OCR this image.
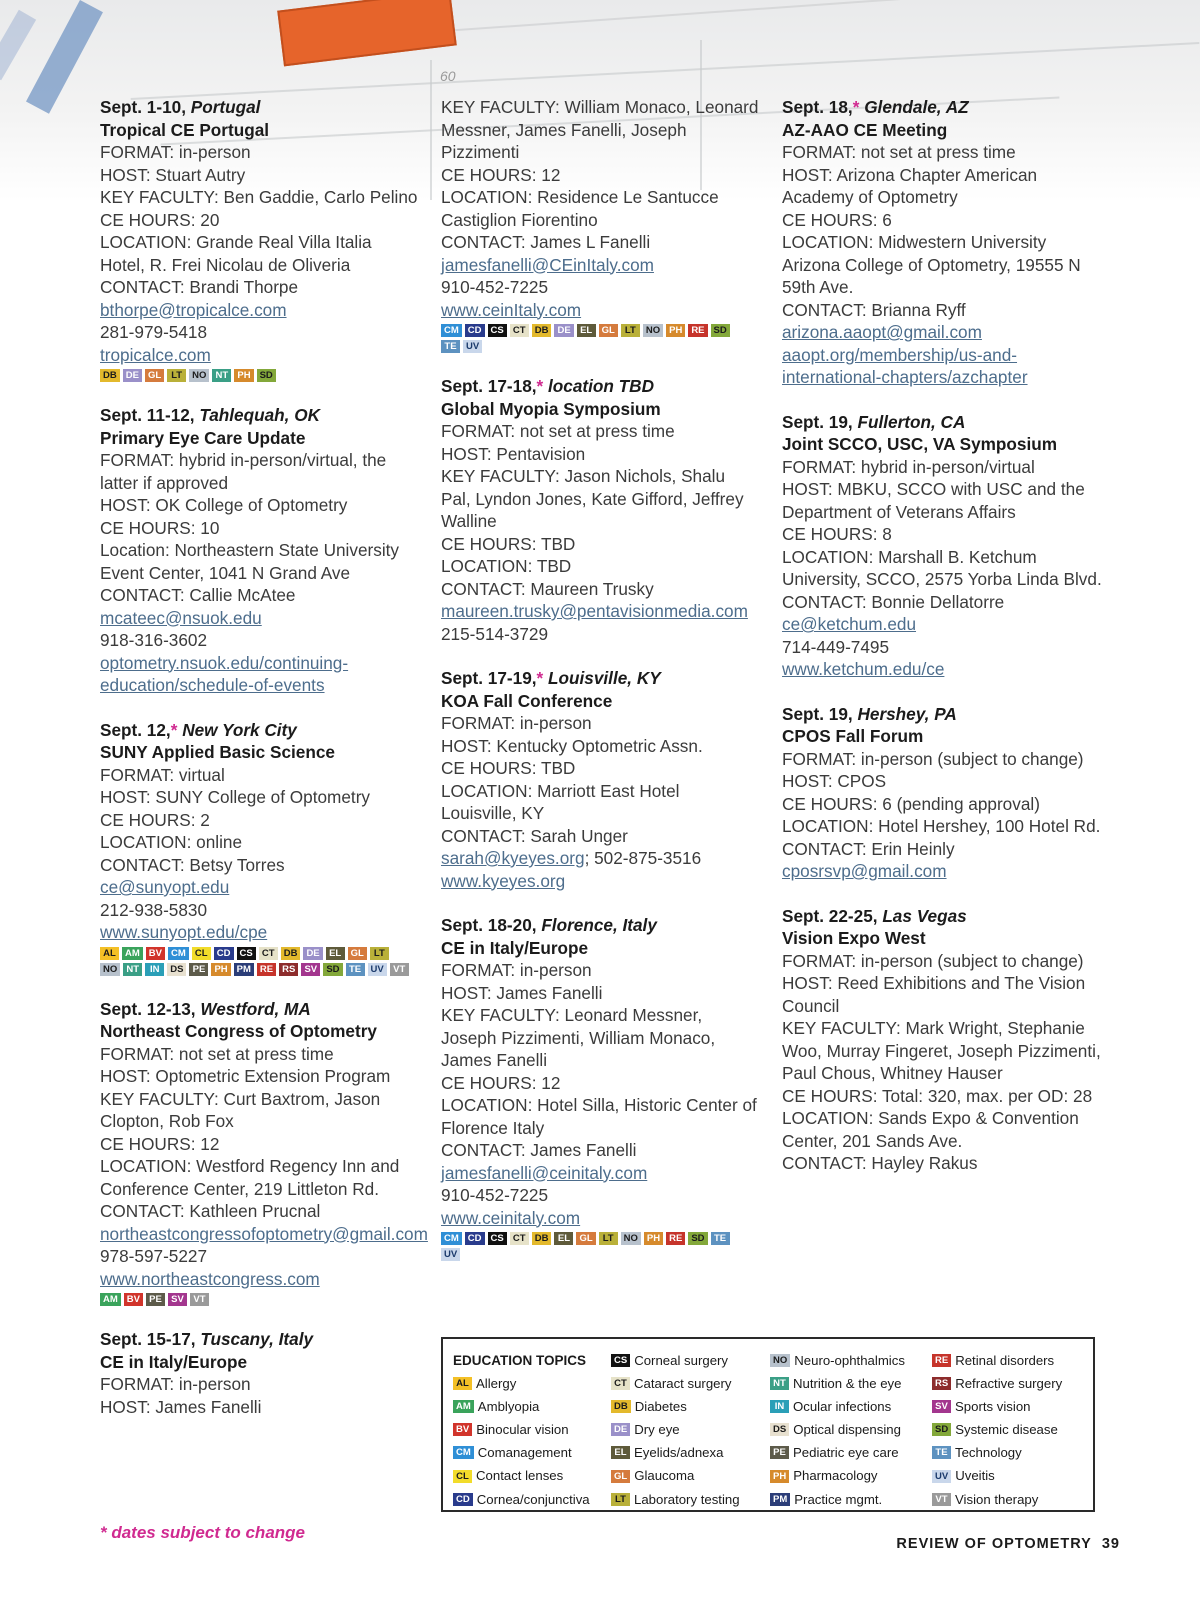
60
Sept. 1-10, Portugal
Tropical CE Portugal
FORMAT: in-person
HOST: Stuart Autry
KEY FACULTY: Ben Gaddie, Carlo Pelino
CE HOURS: 20
LOCATION: Grande Real Villa Italia Hotel, R. Frei Nicolau de Oliveria
CONTACT: Brandi Thorpe
bthorpe@tropicalce.com
281-979-5418
tropicalce.com
DB DE GL	LT	NO NT PH SD
Sept. 11-12, Tahlequah, OK
Primary Eye Care Update
FORMAT: hybrid in-person/virtual, the latter if approved
HOST: OK College of Optometry
CE HOURS: 10
Location: Northeastern State University Event Center, 1041 N Grand Ave
CONTACT: Callie McAtee
mcateec@nsuok.edu
918-316-3602
optometry.nsuok.edu/continuing-education/schedule-of-events
Sept. 12,* New York City
SUNY Applied Basic Science
FORMAT: virtual
HOST: SUNY College of Optometry
CE HOURS: 2
LOCATION: online
CONTACT: Betsy Torres
ce@sunyopt.edu
212-938-5830
www.sunyopt.edu/cpe
AL AM BV CM CL CD CS CT DB DE EL GL	LT
NO NT	IN	DS PE PH PM RE RS SV SD TE UV VT
Sept. 12-13, Westford, MA
Northeast Congress of Optometry
FORMAT: not set at press time
HOST: Optometric Extension Program
KEY FACULTY: Curt Baxtrom, Jason Clopton, Rob Fox
CE HOURS: 12
LOCATION: Westford Regency Inn and Conference Center, 219 Littleton Rd.
CONTACT: Kathleen Prucnal
northeastcongressofoptometry@gmail.com
978-597-5227
www.northeastcongress.com
AM BV PE SV	VT
Sept. 15-17, Tuscany, Italy
CE in Italy/Europe
FORMAT: in-person
HOST: James Fanelli
KEY FACULTY: William Monaco, Leonard Messner, James Fanelli, Joseph Pizzimenti
CE HOURS: 12
LOCATION: Residence Le Santucce Castiglion Fiorentino
CONTACT: James L Fanelli
jamesfanelli@CEinItaly.com
910-452-7225
www.ceinItaly.com
CM CD CS CT DB DE EL GL	LT	NO PH RE SD
TE UV
Sept. 17-18,* location TBD
Global Myopia Symposium
FORMAT: not set at press time
HOST: Pentavision
KEY FACULTY: Jason Nichols, Shalu Pal, Lyndon Jones, Kate Gifford, Jeffrey Walline
CE HOURS: TBD
LOCATION: TBD
CONTACT: Maureen Trusky
maureen.trusky@pentavisionmedia.com
215-514-3729
Sept. 17-19,* Louisville, KY
KOA Fall Conference
FORMAT: in-person
HOST: Kentucky Optometric Assn.
CE HOURS: TBD
LOCATION: Marriott East Hotel Louisville, KY
CONTACT: Sarah Unger
sarah@kyeyes.org; 502-875-3516
www.kyeyes.org
Sept. 18-20, Florence, Italy
CE in Italy/Europe
FORMAT: in-person
HOST: James Fanelli
KEY FACULTY: Leonard Messner, Joseph Pizzimenti, William Monaco, James Fanelli
CE HOURS: 12
LOCATION: Hotel Silla, Historic Center of Florence Italy
CONTACT: James Fanelli
jamesfanelli@ceinitaly.com
910-452-7225
www.ceinitaly.com
CM CD CS CT DB EL GL	LT	NO PH RE SD TE
UV
Sept. 18,* Glendale, AZ
AZ-AAO CE Meeting
FORMAT: not set at press time
HOST: Arizona Chapter American Academy of Optometry
CE HOURS: 6
LOCATION: Midwestern University Arizona College of Optometry, 19555 N 59th Ave.
CONTACT: Brianna Ryff
arizona.aaopt@gmail.com
aaopt.org/membership/us-and-international-chapters/azchapter
Sept. 19, Fullerton, CA
Joint SCCO, USC, VA Symposium
FORMAT: hybrid in-person/virtual
HOST: MBKU, SCCO with USC and the Department of Veterans Affairs
CE HOURS: 8
LOCATION: Marshall B. Ketchum University, SCCO, 2575 Yorba Linda Blvd.
CONTACT: Bonnie Dellatorre
ce@ketchum.edu
714-449-7495
www.ketchum.edu/ce
Sept. 19, Hershey, PA
CPOS Fall Forum
FORMAT: in-person (subject to change)
HOST: CPOS
CE HOURS: 6 (pending approval)
LOCATION: Hotel Hershey, 100 Hotel Rd.
CONTACT: Erin Heinly
cposrsvp@gmail.com
Sept. 22-25, Las Vegas
Vision Expo West
FORMAT: in-person (subject to change)
HOST: Reed Exhibitions and The Vision Council
KEY FACULTY: Mark Wright, Stephanie Woo, Murray Fingeret, Joseph Pizzimenti, Paul Chous, Whitney Hauser
CE HOURS: Total: 320, max. per OD: 28
LOCATION: Sands Expo & Convention Center, 201 Sands Ave.
CONTACT: Hayley Rakus
* dates subject to change
EDUCATION TOPICS
AL Allergy
AM Amblyopia
BV Binocular vision
CM Comanagement
CL Contact lenses
CD Cornea/conjunctiva
CS Corneal surgery
CT Cataract surgery
DB Diabetes
DE Dry eye
EL Eyelids/adnexa
GL Glaucoma
LT Laboratory testing
NO Neuro-ophthalmics
NT Nutrition & the eye
IN Ocular infections
DS Optical dispensing
PE Pediatric eye care
PH Pharmacology
PM Practice mgmt.
RE Retinal disorders
RS Refractive surgery
SV Sports vision
SD Systemic disease
TE Technology
UV Uveitis
VT Vision therapy
REVIEW OF OPTOMETRY 39
